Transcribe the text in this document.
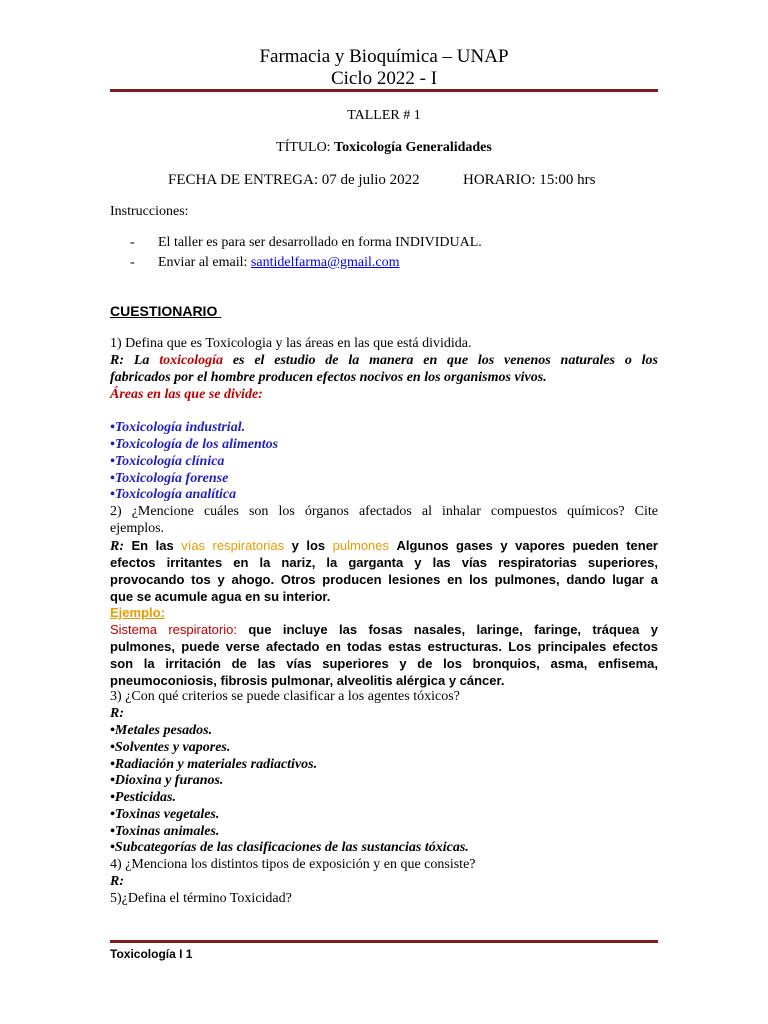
Farmacia y Bioquímica – UNAP
Ciclo 2022 - I
TALLER # 1
TÍTULO: Toxicología Generalidades
FECHA DE ENTREGA: 07 de julio 2022	HORARIO: 15:00 hrs
Instrucciones:
- El taller es para ser desarrollado en forma INDIVIDUAL.
- Enviar al email: santidelfarma@gmail.com
CUESTIONARIO
1) Defina que es Toxicologia y las áreas en las que está dividida.
R: La toxicología es el estudio de la manera en que los venenos naturales o los
fabricados por el hombre producen efectos nocivos en los organismos vivos.
Áreas en las que se divide:
•Toxicología industrial.
•Toxicología de los alimentos
•Toxicología clínica
•Toxicología forense
•Toxicología analítica
2) ¿Mencione cuáles son los órganos afectados al inhalar compuestos químicos? Cite
ejemplos.
R: En las vías respiratorias y los pulmones Algunos gases y vapores pueden tener
efectos irritantes en la nariz, la garganta y las vías respiratorias superiores,
provocando tos y ahogo. Otros producen lesiones en los pulmones, dando lugar a
que se acumule agua en su interior.
Ejemplo:
Sistema respiratorio: que incluye las fosas nasales, laringe, faringe, tráquea y
pulmones, puede verse afectado en todas estas estructuras. Los principales efectos
son la irritación de las vías superiores y de los bronquios, asma, enfisema,
pneumoconiosis, fibrosis pulmonar, alveolitis alérgica y cáncer.
3) ¿Con qué criterios se puede clasificar a los agentes tóxicos?
R:
•Metales pesados.
•Solventes y vapores.
•Radiación y materiales radiactivos.
•Dioxina y furanos.
•Pesticidas.
•Toxinas vegetales.
•Toxinas animales.
•Subcategorías de las clasificaciones de las sustancias tóxicas.
4) ¿Menciona los distintos tipos de exposición y en que consiste?
R:
5)¿Defina el término Toxicidad?
Toxicología I 1
